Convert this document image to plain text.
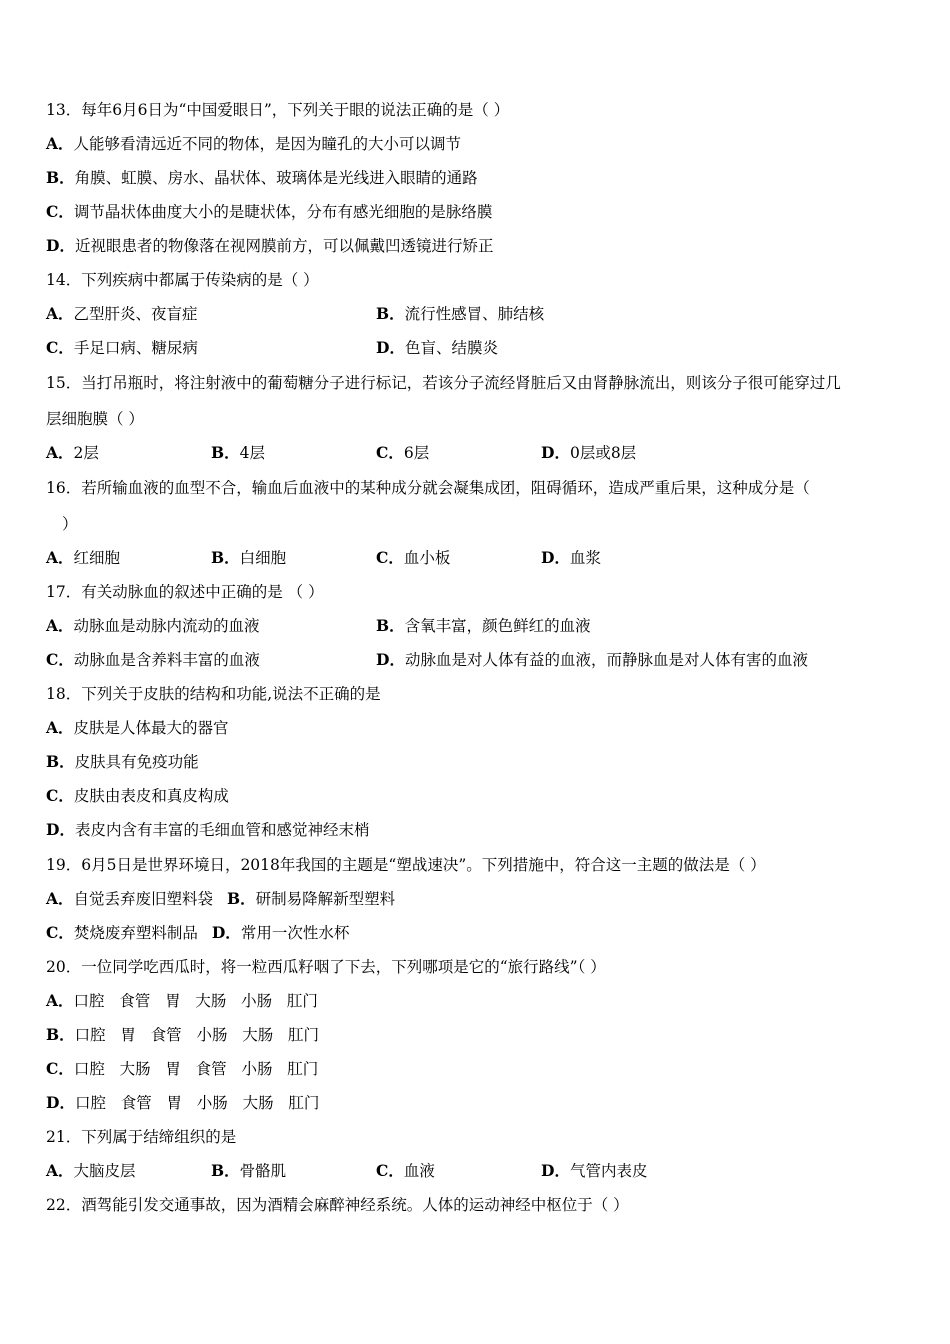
13．每年6月6日为“中国爱眼日”，下列关于眼的说法正确的是（ ）
A．人能够看清远近不同的物体，是因为瞳孔的大小可以调节
B．角膜、虹膜、房水、晶状体、玻璃体是光线进入眼睛的通路
C．调节晶状体曲度大小的是睫状体，分布有感光细胞的是脉络膜
D．近视眼患者的物像落在视网膜前方，可以佩戴凹透镜进行矫正
14．下列疾病中都属于传染病的是（ ）
A．乙型肝炎、夜盲症	B．流行性感冒、肺结核
C．手足口病、糖尿病	D．色盲、结膜炎
15．当打吊瓶时，将注射液中的葡萄糖分子进行标记，若该分子流经肾脏后又由肾静脉流出，则该分子很可能穿过几
层细胞膜（ ）
A．2层	B．4层	C．6层	D．0层或8层
16．若所输血液的血型不合，输血后血液中的某种成分就会凝集成团，阻碍循环，造成严重后果，这种成分是（
）
A．红细胞	B．白细胞	C．血小板	D．血浆
17．有关动脉血的叙述中正确的是 （ ）
A．动脉血是动脉内流动的血液	B．含氧丰富，颜色鲜红的血液
C．动脉血是含养料丰富的血液	D．动脉血是对人体有益的血液，而静脉血是对人体有害的血液
18．下列关于皮肤的结构和功能,说法不正确的是
A．皮肤是人体最大的器官
B．皮肤具有免疫功能
C．皮肤由表皮和真皮构成
D．表皮内含有丰富的毛细血管和感觉神经末梢
19．6月5日是世界环境日，2018年我国的主题是“塑战速决”。下列措施中，符合这一主题的做法是（ ）
A．自觉丢弃废旧塑料袋 B．研制易降解新型塑料
C．焚烧废弃塑料制品 D．常用一次性水杯
20．一位同学吃西瓜时，将一粒西瓜籽咽了下去，下列哪项是它的“旅行路线”（ ）
A．口腔   食管   胃   大肠   小肠   肛门
B．口腔   胃   食管   小肠   大肠   肛门
C．口腔   大肠   胃   食管   小肠   肛门
D．口腔   食管   胃   小肠   大肠   肛门
21．下列属于结缔组织的是
A．大脑皮层	B．骨骼肌	C．血液	D．气管内表皮
22．酒驾能引发交通事故，因为酒精会麻醉神经系统。人体的运动神经中枢位于（ ）
